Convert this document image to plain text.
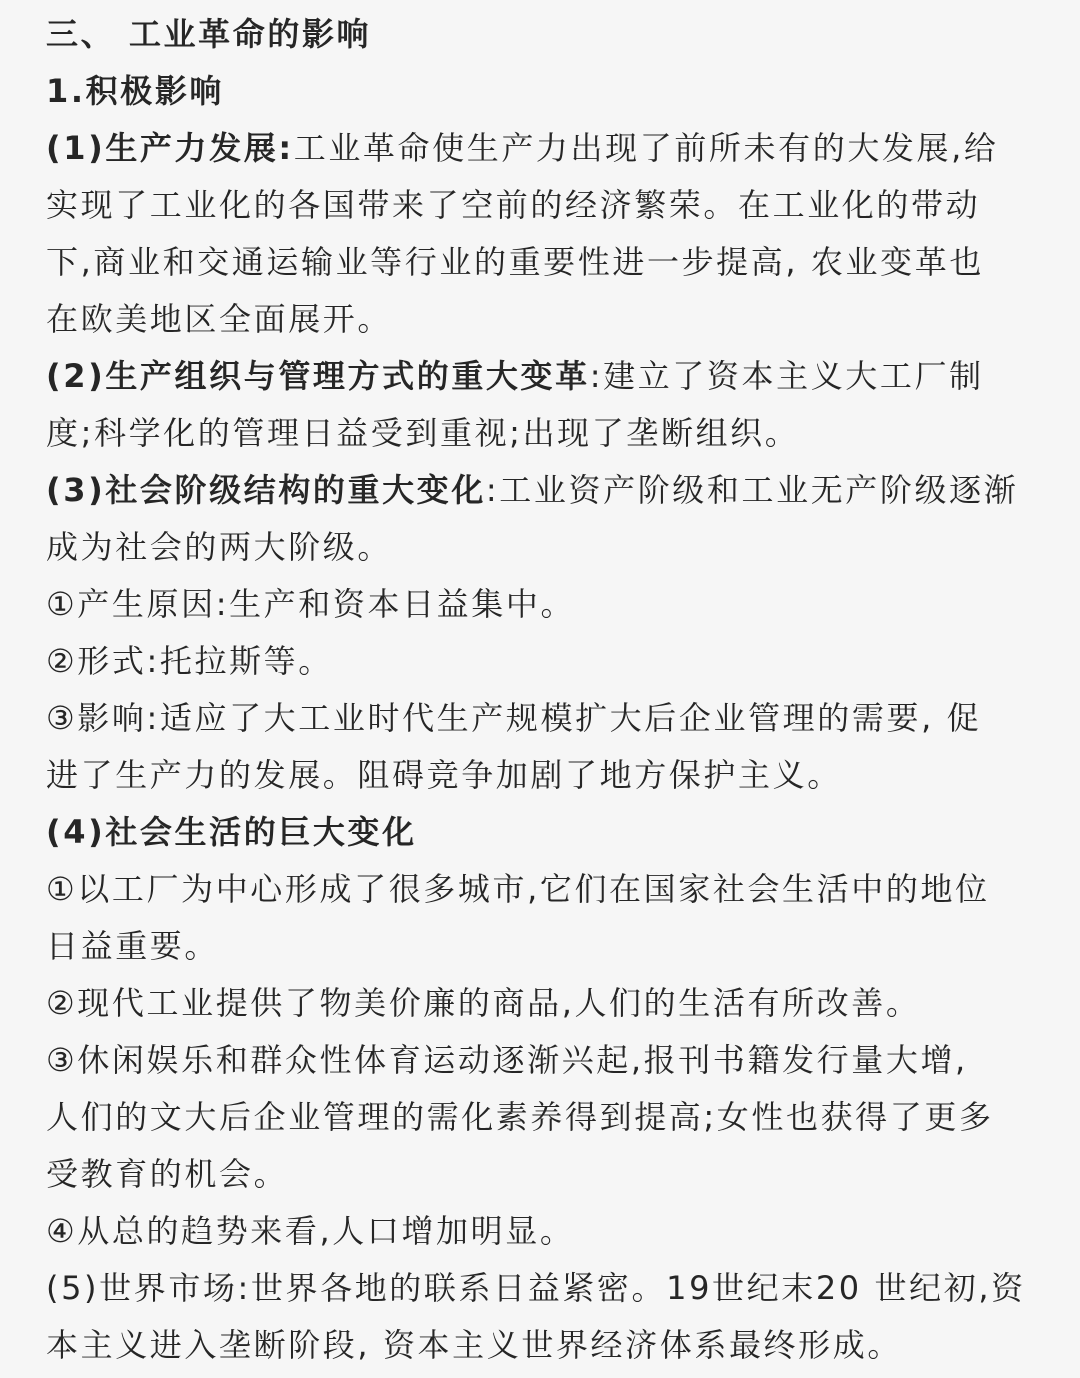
三、 工业革命的影响
1.积极影响
(1)生产力发展:工业革命使生产力出现了前所未有的大发展,给
实现了工业化的各国带来了空前的经济繁荣。在工业化的带动
下,商业和交通运输业等行业的重要性进一步提高, 农业变革也
在欧美地区全面展开。
(2)生产组织与管理方式的重大变革:建立了资本主义大工厂制
度;科学化的管理日益受到重视;出现了垄断组织。
(3)社会阶级结构的重大变化:工业资产阶级和工业无产阶级逐渐
成为社会的两大阶级。
①产生原因:生产和资本日益集中。
②形式:托拉斯等。
③影响:适应了大工业时代生产规模扩大后企业管理的需要, 促
进了生产力的发展。阻碍竞争加剧了地方保护主义。
(4)社会生活的巨大变化
①以工厂为中心形成了很多城市,它们在国家社会生活中的地位
日益重要。
②现代工业提供了物美价廉的商品,人们的生活有所改善。
③休闲娱乐和群众性体育运动逐渐兴起,报刊书籍发行量大增,
人们的文大后企业管理的需化素养得到提高;女性也获得了更多
受教育的机会。
④从总的趋势来看,人口增加明显。
(5)世界市场:世界各地的联系日益紧密。19世纪末20 世纪初,资
本主义进入垄断阶段, 资本主义世界经济体系最终形成。
